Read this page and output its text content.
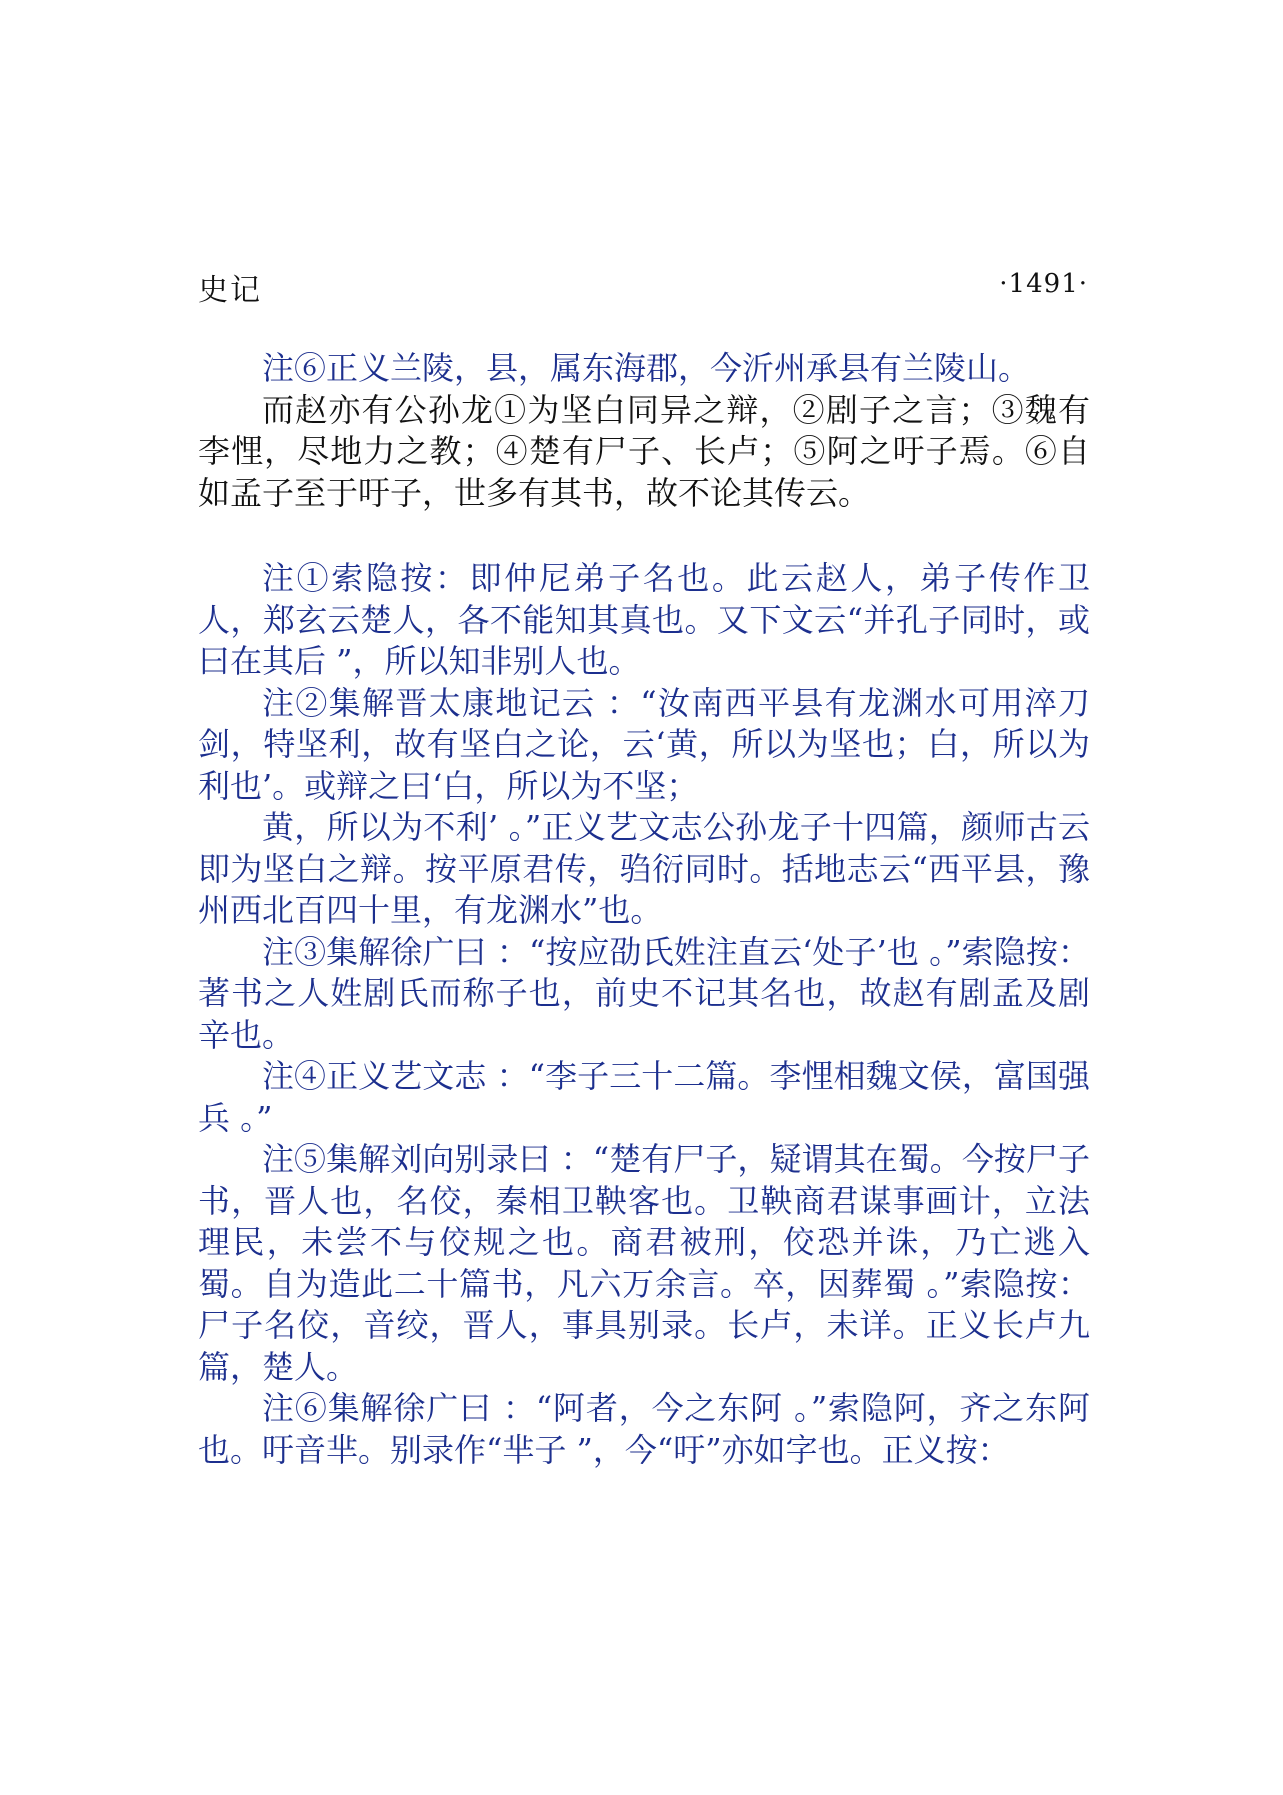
史记	·1491·

注⑥正义兰陵，县，属东海郡，今沂州承县有兰陵山。

而赵亦有公孙龙①为坚白同异之辩，②剧子之言；③魏有李悝，尽地力之教；④楚有尸子、长卢；⑤阿之吁子焉。⑥自如孟子至于吁子，世多有其书，故不论其传云。

注①索隐按：即仲尼弟子名也。此云赵人，弟子传作卫人，郑玄云楚人，各不能知其真也。又下文云“并孔子同时，或曰在其后 ”，所以知非别人也。

注②集解晋太康地记云 ：“汝南西平县有龙渊水可用淬刀剑，特坚利，故有坚白之论，云‘黄，所以为坚也；白，所以为利也’。或辩之曰‘白，所以为不坚；

黄，所以为不利’ 。”正义艺文志公孙龙子十四篇，颜师古云即为坚白之辩。按平原君传，驺衍同时。括地志云“西平县，豫州西北百四十里，有龙渊水”也。

注③集解徐广曰 ：“按应劭氏姓注直云‘处子’也 。”索隐按：著书之人姓剧氏而称子也，前史不记其名也，故赵有剧孟及剧辛也。

注④正义艺文志 ：“李子三十二篇。李悝相魏文侯，富国强兵 。”

注⑤集解刘向别录曰 ：“楚有尸子，疑谓其在蜀。今按尸子书，晋人也，名佼，秦相卫鞅客也。卫鞅商君谋事画计，立法理民，未尝不与佼规之也。商君被刑，佼恐并诛，乃亡逃入蜀。自为造此二十篇书，凡六万余言。卒，因葬蜀 。”索隐按：尸子名佼，音绞，晋人，事具别录。长卢，未详。正义长卢九篇，楚人。

注⑥集解徐广曰 ：“阿者，今之东阿 。”索隐阿，齐之东阿也。吁音芈。别录作“芈子 ”，今“吁”亦如字也。正义按：
